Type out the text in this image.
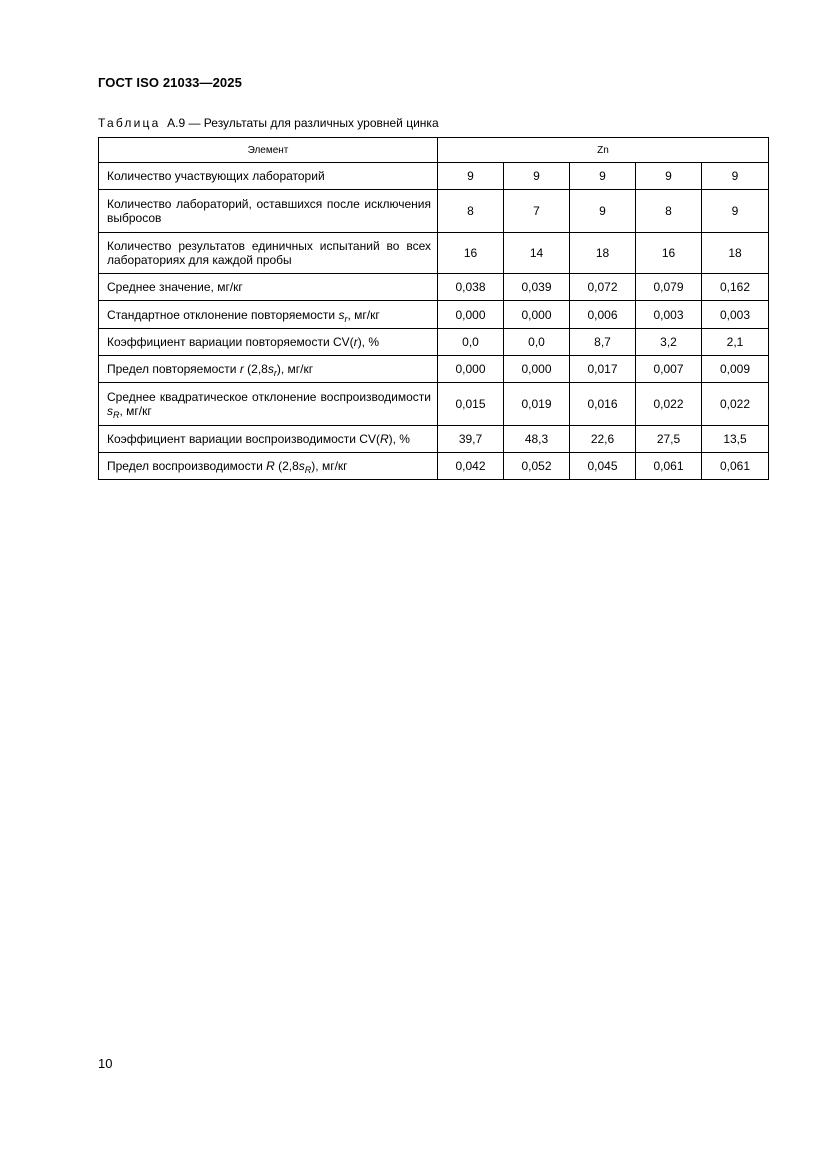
ГОСТ ISO 21033—2025
Таблица А.9 — Результаты для различных уровней цинка
Элемент	Zn				
Количество участвующих лабораторий	9	9	9	9	9
Количество лабораторий, оставшихся после исключения выбросов	8	7	9	8	9
Количество результатов единичных испытаний во всех лабораториях для каждой пробы	16	14	18	16	18
Среднее значение, мг/кг	0,038	0,039	0,072	0,079	0,162
Стандартное отклонение повторяемости $s_r$, мг/кг	0,000	0,000	0,006	0,003	0,003
Коэффициент вариации повторяемости CV(r), %	0,0	0,0	8,7	3,2	2,1
Предел повторяемости r $(2,8s_r)$, мг/кг	0,000	0,000	0,017	0,007	0,009
Среднее квадратическое отклонение воспроизводимости $s_R$, мг/кг	0,015	0,019	0,016	0,022	0,022
Коэффициент вариации воспроизводимости CV(R), %	39,7	48,3	22,6	27,5	13,5
Предел воспроизводимости R $(2,8s_R)$, мг/кг	0,042	0,052	0,045	0,061	0,061
10
